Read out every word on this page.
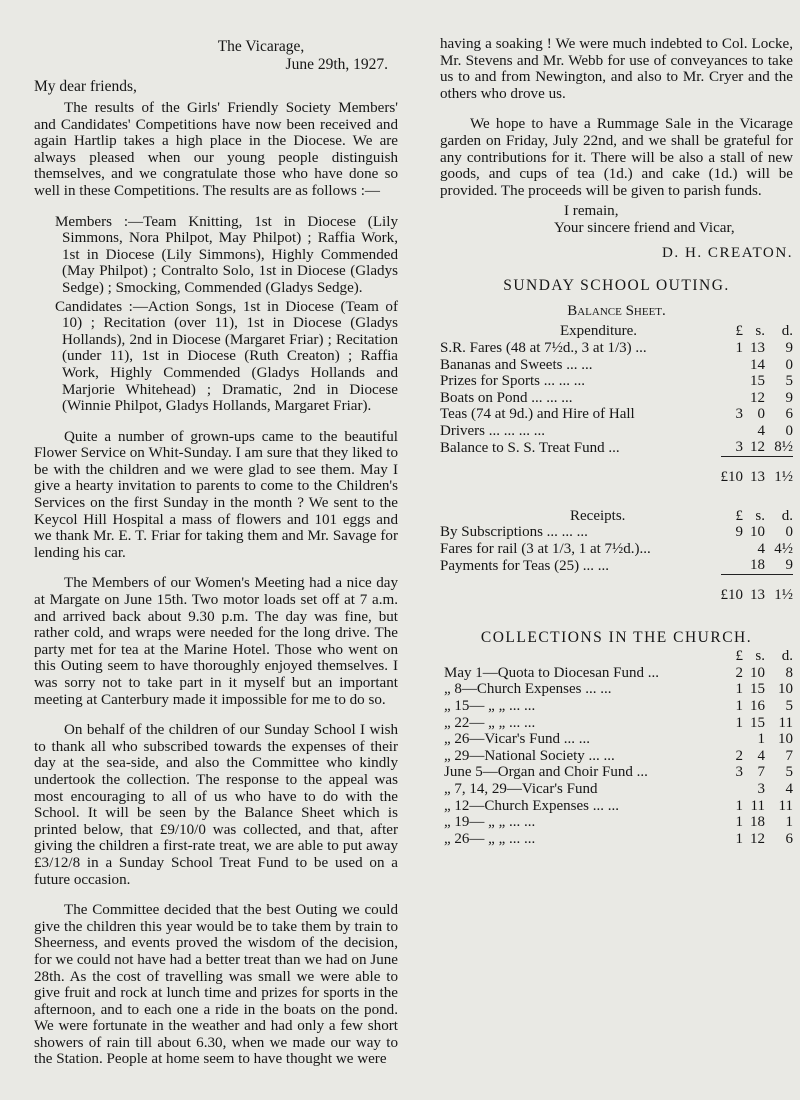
The Vicarage,

June 29th, 1927.

My dear friends,

The results of the Girls' Friendly Society Members' and Candidates' Competitions have now been received and again Hartlip takes a high place in the Diocese. We are always pleased when our young people distinguish themselves, and we congratulate those who have done so well in these Competitions. The results are as follows :—

Members :—Team Knitting, 1st in Diocese (Lily Simmons, Nora Philpot, May Philpot) ; Raffia Work, 1st in Diocese (Lily Simmons), Highly Commended (May Philpot) ; Contralto Solo, 1st in Diocese (Gladys Sedge) ; Smocking, Commended (Gladys Sedge).

Candidates :—Action Songs, 1st in Diocese (Team of 10) ; Recitation (over 11), 1st in Diocese (Gladys Hollands), 2nd in Diocese (Margaret Friar) ; Recitation (under 11), 1st in Diocese (Ruth Creaton) ; Raffia Work, Highly Commended (Gladys Hollands and Marjorie Whitehead) ; Dramatic, 2nd in Diocese (Winnie Philpot, Gladys Hollands, Margaret Friar).

Quite a number of grown-ups came to the beautiful Flower Service on Whit-Sunday. I am sure that they liked to be with the children and we were glad to see them. May I give a hearty invitation to parents to come to the Children's Services on the first Sunday in the month ? We sent to the Keycol Hill Hospital a mass of flowers and 101 eggs and we thank Mr. E. T. Friar for taking them and Mr. Savage for lending his car.

The Members of our Women's Meeting had a nice day at Margate on June 15th. Two motor loads set off at 7 a.m. and arrived back about 9.30 p.m. The day was fine, but rather cold, and wraps were needed for the long drive. The party met for tea at the Marine Hotel. Those who went on this Outing seem to have thoroughly enjoyed themselves. I was sorry not to take part in it myself but an important meeting at Canterbury made it impossible for me to do so.

On behalf of the children of our Sunday School I wish to thank all who subscribed towards the expenses of their day at the sea-side, and also the Committee who kindly undertook the collection. The response to the appeal was most encouraging to all of us who have to do with the School. It will be seen by the Balance Sheet which is printed below, that £9/10/0 was collected, and that, after giving the children a first-rate treat, we are able to put away £3/12/8 in a Sunday School Treat Fund to be used on a future occasion.

The Committee decided that the best Outing we could give the children this year would be to take them by train to Sheerness, and events proved the wisdom of the decision, for we could not have had a better treat than we had on June 28th. As the cost of travelling was small we were able to give fruit and rock at lunch time and prizes for sports in the afternoon, and to each one a ride in the boats on the pond. We were fortunate in the weather and had only a few short showers of rain till about 6.30, when we made our way to the Station. People at home seem to have thought we were

having a soaking ! We were much indebted to Col. Locke, Mr. Stevens and Mr. Webb for use of conveyances to take us to and from Newington, and also to Mr. Cryer and the others who drove us.

We hope to have a Rummage Sale in the Vicarage garden on Friday, July 22nd, and we shall be grateful for any contributions for it. There will be also a stall of new goods, and cups of tea (1d.) and cake (1d.) will be provided. The proceeds will be given to parish funds.

I remain,

Your sincere friend and Vicar,

D. H. CREATON.

SUNDAY SCHOOL OUTING.

Balance Sheet.

Expenditure.	£	s.	d.
S.R. Fares (48 at 7½d., 3 at 1/3) ...	1	13	9
Bananas and Sweets ... ...		14	0
Prizes for Sports ... ... ...		15	5
Boats on Pond ... ... ...		12	9
Teas (74 at 9d.) and Hire of Hall	3	0	6
Drivers ... ... ... ...		4	0
Balance to S. S. Treat Fund ...	3	12	8½

	£10	13	1½
Receipts.	£	s.	d.
By Subscriptions ... ... ...	9	10	0
Fares for rail (3 at 1/3, 1 at 7½d.)...		4	4½
Payments for Teas (25) ... ...		18	9

	£10	13	1½

COLLECTIONS IN THE CHURCH.

	£	s.	d.
May 1—Quota to Diocesan Fund ...	2	10	8
„ 8—Church Expenses ... ...	1	15	10
„ 15— „ „ ... ...	1	16	5
„ 22— „ „ ... ...	1	15	11
„ 26—Vicar's Fund ... ...		1	10
„ 29—National Society ... ...	2	4	7
June 5—Organ and Choir Fund ...	3	7	5
„ 7, 14, 29—Vicar's Fund		3	4
„ 12—Church Expenses ... ...	1	11	11
„ 19— „ „ ... ...	1	18	1
„ 26— „ „ ... ...	1	12	6
